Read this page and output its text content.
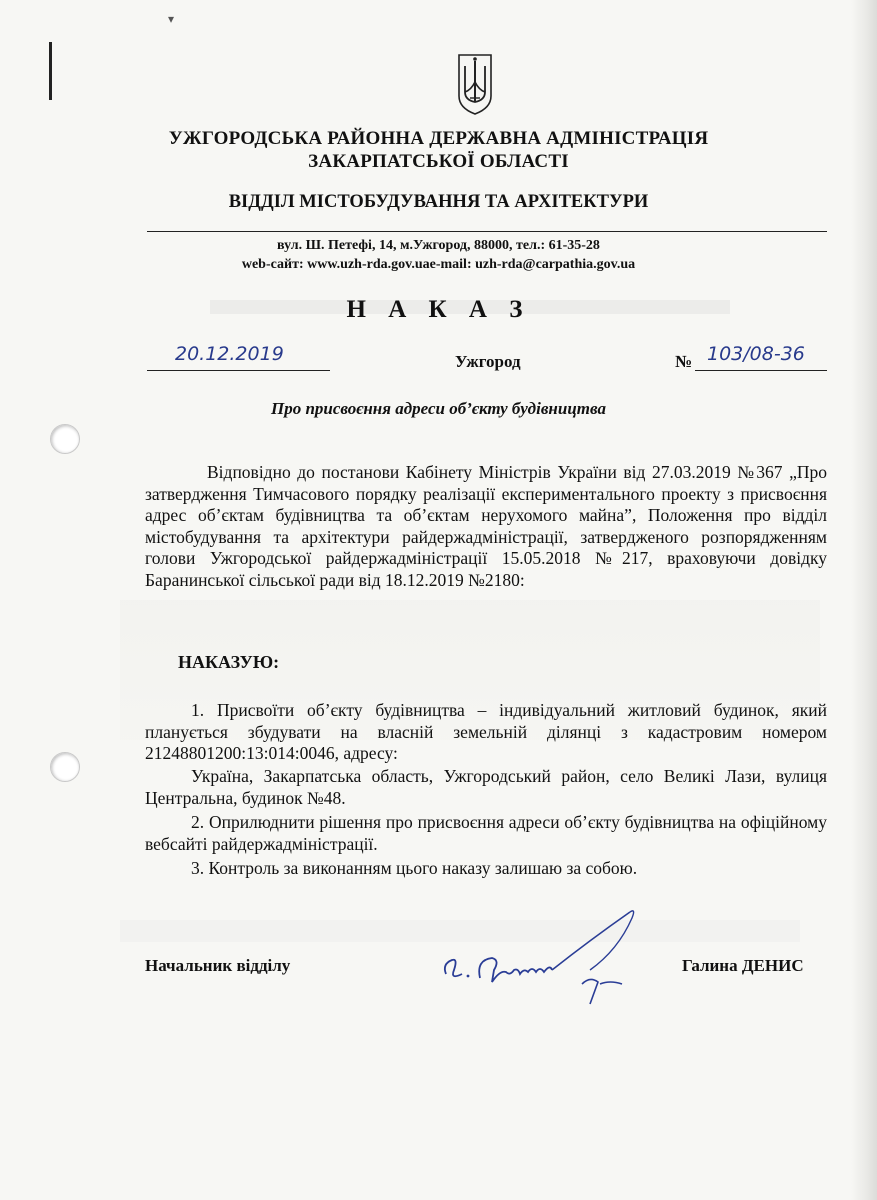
▾
УЖГОРОДСЬКА РАЙОННА ДЕРЖАВНА АДМІНІСТРАЦІЯ
ЗАКАРПАТСЬКОЇ ОБЛАСТІ
ВІДДІЛ МІСТОБУДУВАННЯ ТА АРХІТЕКТУРИ
вул. Ш. Петефі, 14, м.Ужгород, 88000, тел.: 61-35-28
web-сайт: www.uzh-rda.gov.uae-mail: uzh-rda@carpathia.gov.ua
Н А К А З
20.12.2019	Ужгород	№ 103/08-36
Про присвоєння адреси об’єкту будівництва
Відповідно до постанови Кабінету Міністрів України від 27.03.2019 №367 „Про затвердження Тимчасового порядку реалізації експериментального проекту з присвоєння адрес об’єктам будівництва та об’єктам нерухомого майна”, Положення про відділ містобудування та архітектури райдержадміністрації, затвердженого розпорядженням голови Ужгородської райдержадміністрації 15.05.2018 №217, враховуючи довідку Баранинської сільської ради від 18.12.2019 №2180:
НАКАЗУЮ:
1. Присвоїти об’єкту будівництва – індивідуальний житловий будинок, який планується збудувати на власній земельній ділянці з кадастровим номером 21248801200:13:014:0046, адресу:
Україна, Закарпатська область, Ужгородський район, село Великі Лази, вулиця Центральна, будинок №48.
2. Оприлюднити рішення про присвоєння адреси об’єкту будівництва на офіційному вебсайті райдержадміністрації.
3. Контроль за виконанням цього наказу залишаю за собою.
Начальник відділу	Галина ДЕНИС
